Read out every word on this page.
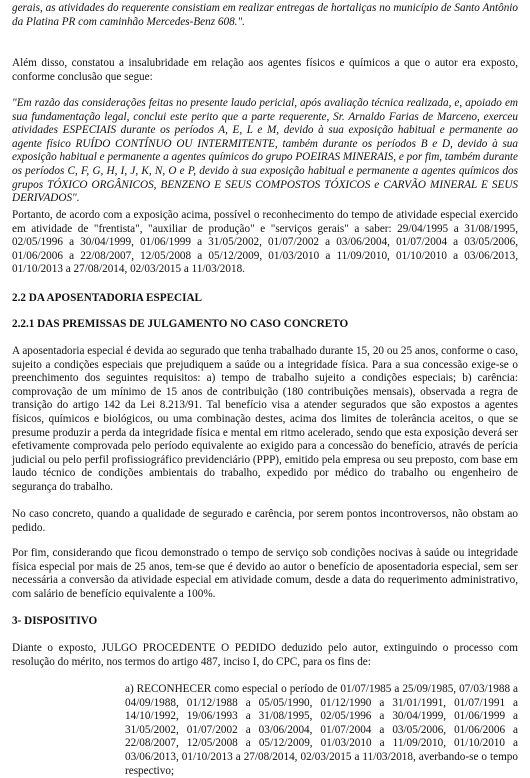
gerais, as atividades do requerente consistiam em realizar entregas de hortaliças no município de Santo Antônio da Platina PR com caminhão Mercedes-Benz 608.".

Além disso, constatou a insalubridade em relação aos agentes físicos e químicos a que o autor era exposto, conforme conclusão que segue:

"Em razão das considerações feitas no presente laudo pericial, após avaliação técnica realizada, e, apoiado em sua fundamentação legal, conclui este perito que a parte requerente, Sr. Arnaldo Farias de Marceno, exerceu atividades ESPECIAIS durante os períodos A, E, L e M, devido à sua exposição habitual e permanente ao agente físico RUÍDO CONTÍNUO OU INTERMITENTE, também durante os períodos B e D, devido à sua exposição habitual e permanente a agentes químicos do grupo POEIRAS MINERAIS, e por fim, também durante os períodos C, F, G, H, I, J, K, N, O e P, devido à sua exposição habitual e permanente a agentes químicos dos grupos TÓXICO ORGÂNICOS, BENZENO E SEUS COMPOSTOS TÓXICOS e CARVÃO MINERAL E SEUS DERIVADOS".

Portanto, de acordo com a exposição acima, possível o reconhecimento do tempo de atividade especial exercido em atividade de "frentista", "auxiliar de produção" e "serviços gerais" a saber: 29/04/1995 a 31/08/1995, 02/05/1996 a 30/04/1999, 01/06/1999 a 31/05/2002, 01/07/2002 a 03/06/2004, 01/07/2004 a 03/05/2006, 01/06/2006 a 22/08/2007, 12/05/2008 a 05/12/2009, 01/03/2010 a 11/09/2010, 01/10/2010 a 03/06/2013, 01/10/2013 a 27/08/2014, 02/03/2015 a 11/03/2018.

2.2 DA APOSENTADORIA ESPECIAL

2.2.1 DAS PREMISSAS DE JULGAMENTO NO CASO CONCRETO

A aposentadoria especial é devida ao segurado que tenha trabalhado durante 15, 20 ou 25 anos, conforme o caso, sujeito a condições especiais que prejudiquem a saúde ou a integridade física. Para a sua concessão exige-se o preenchimento dos seguintes requisitos: a) tempo de trabalho sujeito a condições especiais; b) carência: comprovação de um mínimo de 15 anos de contribuição (180 contribuições mensais), observada a regra de transição do artigo 142 da Lei 8.213/91. Tal benefício visa a atender segurados que são expostos a agentes físicos, químicos e biológicos, ou uma combinação destes, acima dos limites de tolerância aceitos, o que se presume produzir a perda da integridade física e mental em ritmo acelerado, sendo que esta exposição deverá ser efetivamente comprovada pelo período equivalente ao exigido para a concessão do benefício, através de perícia judicial ou pelo perfil profissiográfico previdenciário (PPP), emitido pela empresa ou seu preposto, com base em laudo técnico de condições ambientais do trabalho, expedido por médico do trabalho ou engenheiro de segurança do trabalho.

No caso concreto, quando a qualidade de segurado e carência, por serem pontos incontroversos, não obstam ao pedido.

Por fim, considerando que ficou demonstrado o tempo de serviço sob condições nocivas à saúde ou integridade física especial por mais de 25 anos, tem-se que é devido ao autor o benefício de aposentadoria especial, sem ser necessária a conversão da atividade especial em atividade comum, desde a data do requerimento administrativo, com salário de benefício equivalente a 100%.

3- DISPOSITIVO

Diante o exposto, JULGO PROCEDENTE O PEDIDO deduzido pelo autor, extinguindo o processo com resolução do mérito, nos termos do artigo 487, inciso I, do CPC, para os fins de:

a) RECONHECER como especial o período de 01/07/1985 a 25/09/1985, 07/03/1988 a 04/09/1988, 01/12/1988 a 05/05/1990, 01/12/1990 a 31/01/1991, 01/07/1991 a 14/10/1992, 19/06/1993 a 31/08/1995, 02/05/1996 a 30/04/1999, 01/06/1999 a 31/05/2002, 01/07/2002 a 03/06/2004, 01/07/2004 a 03/05/2006, 01/06/2006 a 22/08/2007, 12/05/2008 a 05/12/2009, 01/03/2010 a 11/09/2010, 01/10/2010 a 03/06/2013, 01/10/2013 a 27/08/2014, 02/03/2015 a 11/03/2018, averbando-se o tempo respectivo;
